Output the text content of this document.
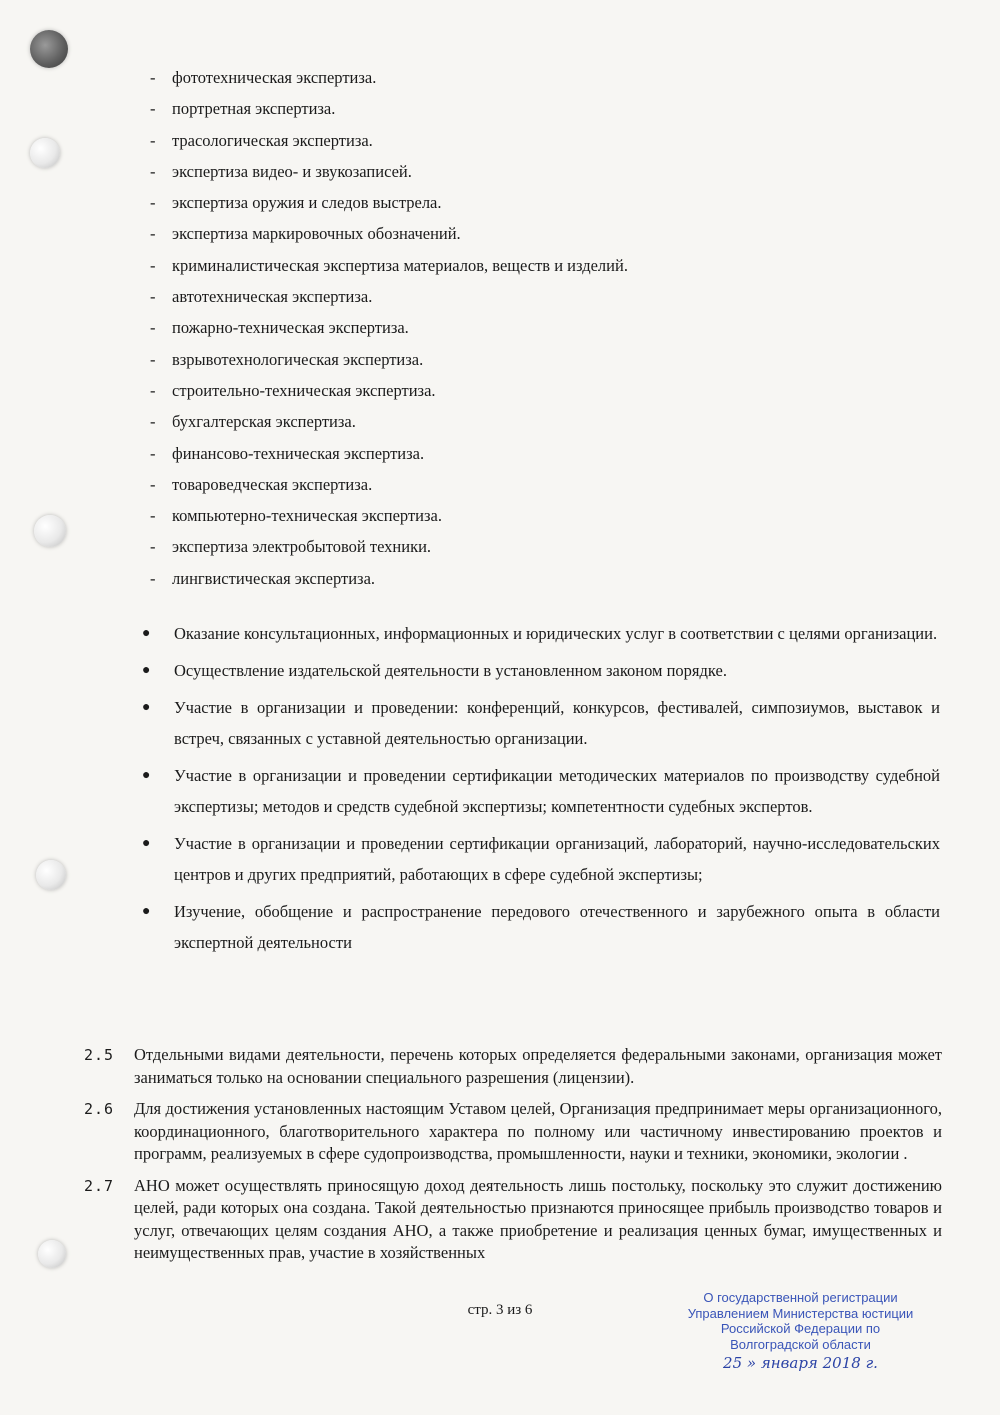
- фототехническая экспертиза.
- портретная экспертиза.
- трасологическая экспертиза.
- экспертиза видео- и звукозаписей.
- экспертиза оружия и следов выстрела.
- экспертиза маркировочных обозначений.
- криминалистическая экспертиза материалов, веществ и изделий.
- автотехническая экспертиза.
- пожарно-техническая экспертиза.
- взрывотехнологическая экспертиза.
- строительно-техническая экспертиза.
- бухгалтерская экспертиза.
- финансово-техническая экспертиза.
- товароведческая экспертиза.
- компьютерно-техническая экспертиза.
- экспертиза электробытовой техники.
- лингвистическая экспертиза.
● Оказание консультационных, информационных и юридических услуг в соответствии с целями организации.
● Осуществление издательской деятельности в установленном законом порядке.
● Участие в организации и проведении: конференций, конкурсов, фестивалей, симпозиумов, выставок и встреч, связанных с уставной деятельностью организации.
● Участие в организации и проведении сертификации методических материалов по производству судебной экспертизы; методов и средств судебной экспертизы; компетентности судебных экспертов.
● Участие в организации и проведении сертификации организаций, лабораторий, научно-исследовательских центров и других предприятий, работающих в сфере судебной экспертизы;
● Изучение, обобщение и распространение передового отечественного и зарубежного опыта в области экспертной деятельности
2.5 Отдельными видами деятельности, перечень которых определяется федеральными законами, организация может заниматься только на основании специального разрешения (лицензии).
2.6 Для достижения установленных настоящим Уставом целей, Организация предпринимает меры организационного, координационного, благотворительного характера по полному или частичному инвестированию проектов и программ, реализуемых в сфере судопроизводства, промышленности, науки и техники, экономики, экологии .
2.7 АНО может осуществлять приносящую доход деятельность лишь постольку, поскольку это служит достижению целей, ради которых она создана. Такой деятельностью признаются приносящее прибыль производство товаров и услуг, отвечающих целям создания АНО, а также приобретение и реализация ценных бумаг, имущественных и неимущественных прав, участие в хозяйственных
стр. 3 из 6
О государственной регистрации
Управлением Министерства юстиции
Российской Федерации по
Волгоградской области
25 » января 2018 г.
